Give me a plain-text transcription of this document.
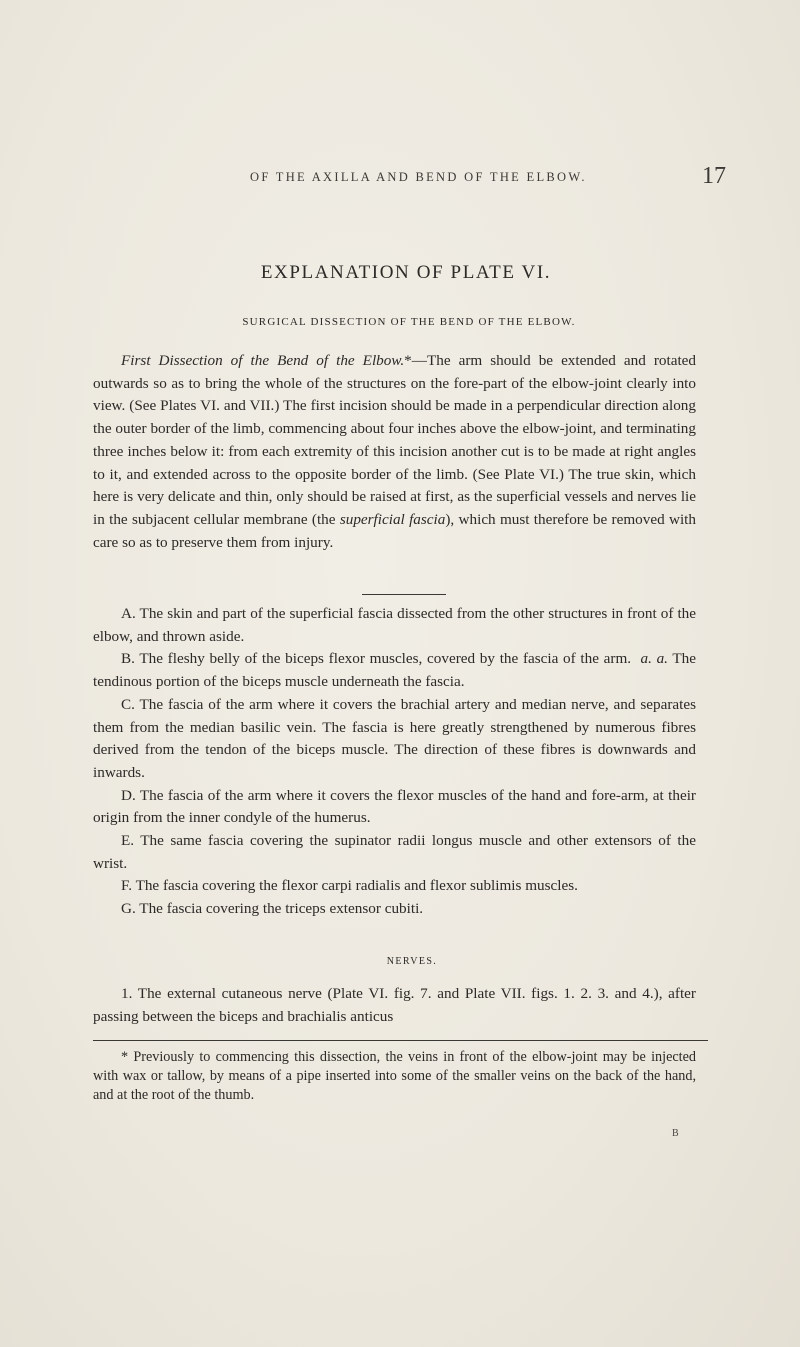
OF THE AXILLA AND BEND OF THE ELBOW.	17
EXPLANATION OF PLATE VI.
SURGICAL DISSECTION OF THE BEND OF THE ELBOW.

First Dissection of the Bend of the Elbow.*—The arm should be extended and rotated outwards so as to bring the whole of the structures on the fore-part of the elbow-joint clearly into view. (See Plates VI. and VII.) The first incision should be made in a perpendicular direction along the outer border of the limb, commencing about four inches above the elbow-joint, and terminating three inches below it: from each extremity of this incision another cut is to be made at right angles to it, and extended across to the opposite border of the limb. (See Plate VI.) The true skin, which here is very delicate and thin, only should be raised at first, as the superficial vessels and nerves lie in the subjacent cellular membrane (the superficial fascia), which must therefore be removed with care so as to preserve them from injury.

A. The skin and part of the superficial fascia dissected from the other structures in front of the elbow, and thrown aside.

B. The fleshy belly of the biceps flexor muscles, covered by the fascia of the arm. a. a. The tendinous portion of the biceps muscle underneath the fascia.

C. The fascia of the arm where it covers the brachial artery and median nerve, and separates them from the median basilic vein. The fascia is here greatly strengthened by numerous fibres derived from the tendon of the biceps muscle. The direction of these fibres is downwards and inwards.

D. The fascia of the arm where it covers the flexor muscles of the hand and fore-arm, at their origin from the inner condyle of the humerus.

E. The same fascia covering the supinator radii longus muscle and other extensors of the wrist.

F. The fascia covering the flexor carpi radialis and flexor sublimis muscles.

G. The fascia covering the triceps extensor cubiti.

NERVES.

1. The external cutaneous nerve (Plate VI. fig. 7. and Plate VII. figs. 1. 2. 3. and 4.), after passing between the biceps and brachialis anticus

* Previously to commencing this dissection, the veins in front of the elbow-joint may be injected with wax or tallow, by means of a pipe inserted into some of the smaller veins on the back of the hand, and at the root of the thumb.

B
